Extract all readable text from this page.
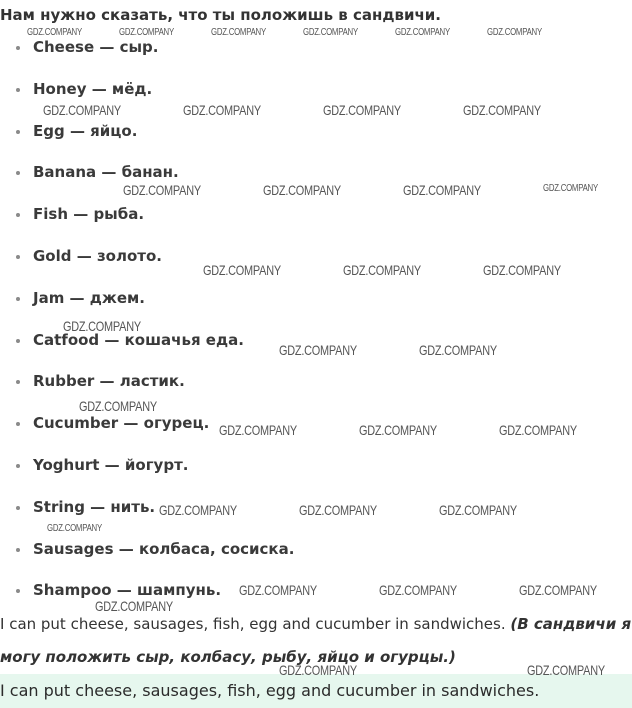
Нам нужно сказать, что ты положишь в сандвичи.
Cheese — сыр.
Honey — мёд.
Egg — яйцо.
Banana — банан.
Fish — рыба.
Gold — золото.
Jam — джем.
Catfood — кошачья еда.
Rubber — ластик.
Cucumber — огурец.
Yoghurt — йогурт.
String — нить.
Sausages — колбаса, сосиска.
Shampoo — шампунь.
I can put cheese, sausages, fish, egg and cucumber in sandwiches. (В сандвичи я
могу положить сыр, колбасу, рыбу, яйцо и огурцы.)
I can put cheese, sausages, fish, egg and cucumber in sandwiches.
GDZ.COMPANY	GDZ.COMPANY	GDZ.COMPANY	GDZ.COMPANY	GDZ.COMPANY	GDZ.COMPANY
GDZ.COMPANY	GDZ.COMPANY	GDZ.COMPANY	GDZ.COMPANY
GDZ.COMPANY	GDZ.COMPANY	GDZ.COMPANY	GDZ.COMPANY
GDZ.COMPANY	GDZ.COMPANY	GDZ.COMPANY
GDZ.COMPANY
GDZ.COMPANY	GDZ.COMPANY
GDZ.COMPANY
GDZ.COMPANY	GDZ.COMPANY	GDZ.COMPANY
GDZ.COMPANY	GDZ.COMPANY	GDZ.COMPANY
GDZ.COMPANY
GDZ.COMPANY	GDZ.COMPANY	GDZ.COMPANY
GDZ.COMPANY
GDZ.COMPANY	GDZ.COMPANY
